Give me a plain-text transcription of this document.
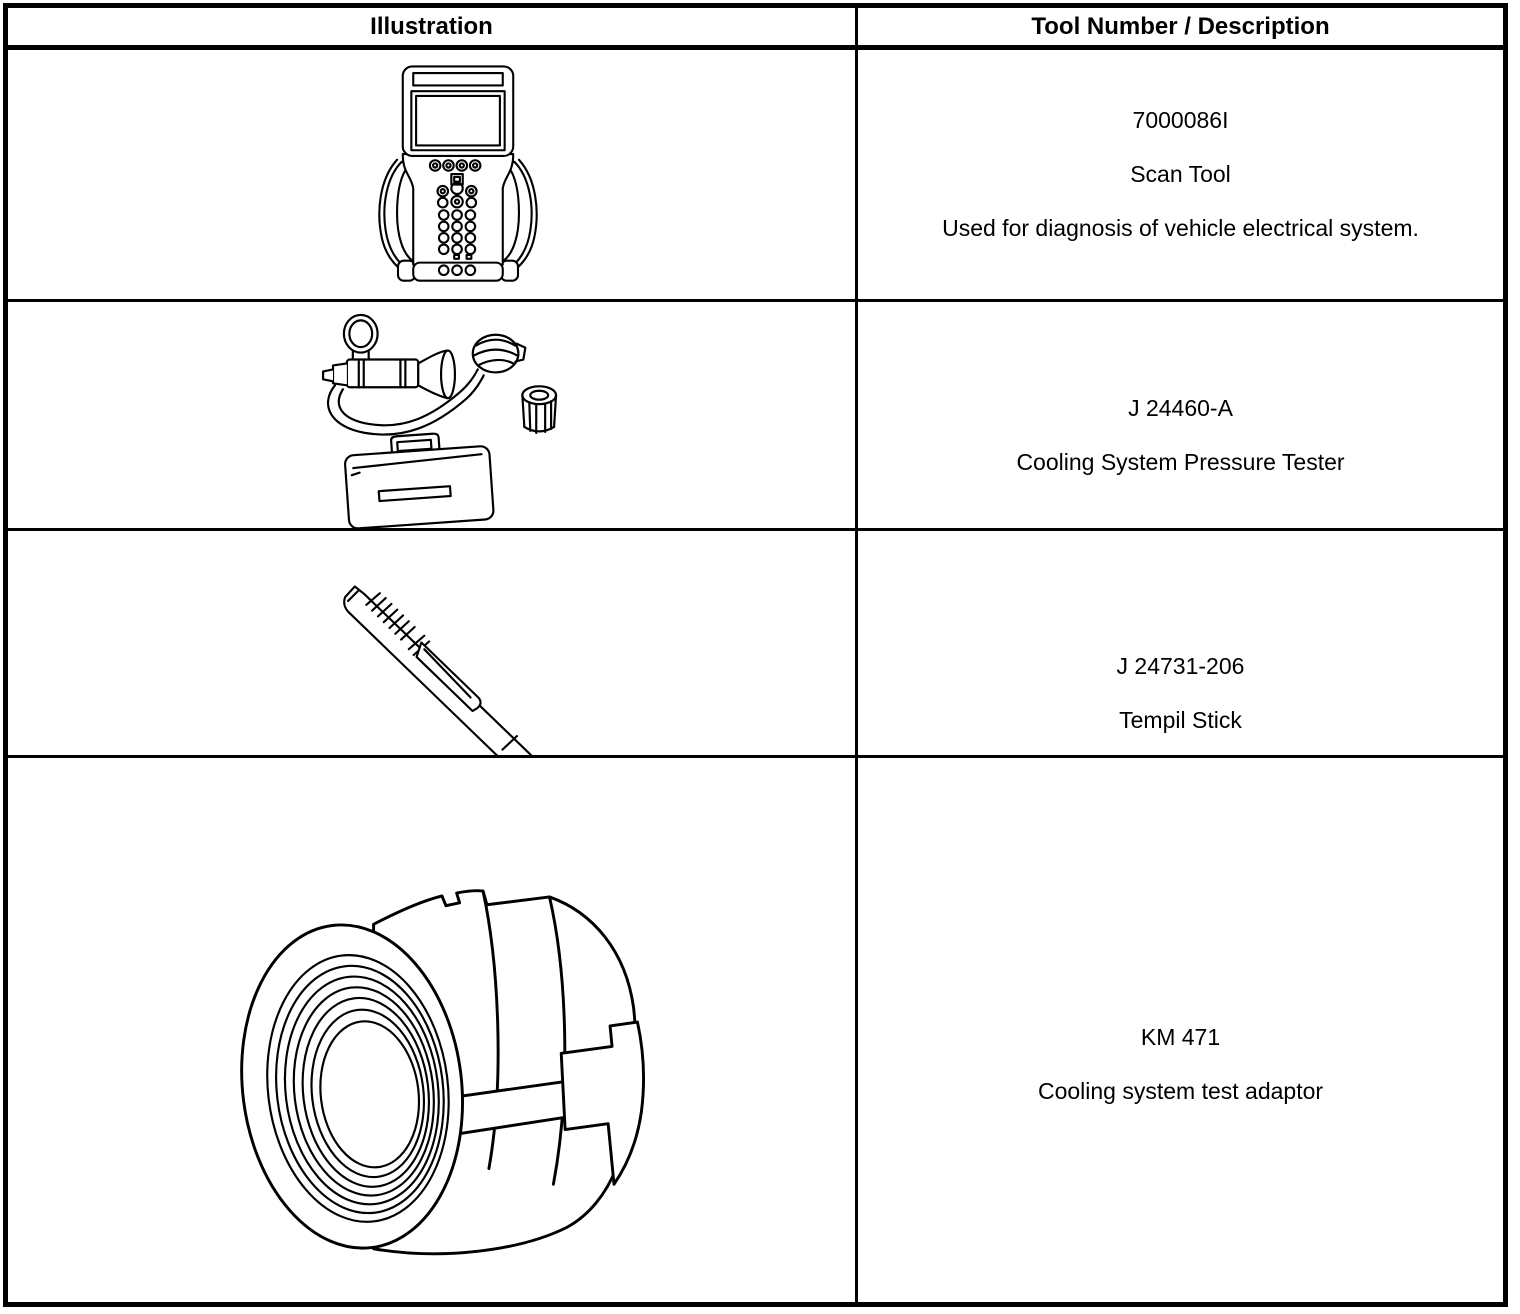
Illustration	Tool Number / Description
7000086I
Scan Tool
Used for diagnosis of vehicle electrical system.
J 24460-A
Cooling System Pressure Tester
J 24731-206
Tempil Stick
KM 471
Cooling system test adaptor
